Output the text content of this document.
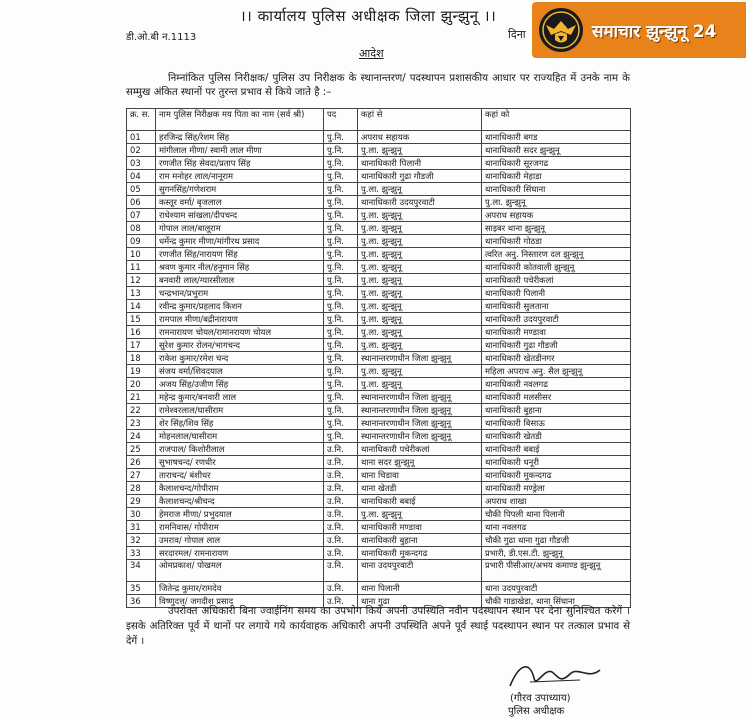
।। कार्यालय पुलिस अधीक्षक जिला झुन्झुनू ।।
डी.ओ.बी न.1113	दिना
आदेश
समाचार झुन्झुनू 24

निम्नांकित पुलिस निरीक्षक/ पुलिस उप निरीक्षक के स्थानान्तरण/ पदस्थापन प्रशासकीय आधार पर राज्यहित में उनके नाम के सम्मुख अंकित स्थानों पर तुरन्त प्रभाव से किये जाते है :–

क्र. स.	नाम पुलिस निरीक्षक मय पिता का नाम (सर्व श्री)	पद	कहां से	कहां को
01	हरजिन्द्र सिंह/रेशम सिंह	पु.नि.	अपराध सहायक	थानाधिकारी बगड
02	मांगीलाल मीणा/ स्वामी लाल मीणा	पु.नि.	पु.ला. झुन्झुनू	थानाधिकारी सदर झुन्झुनू
03	रणजीत सिंह सेवदा/प्रताप सिंह	पु.नि.	थानाधिकारी पिलानी	थानाधिकारी सूरजगढ
04	राम मनोहर लाल/नानूराम	पु.नि.	थानाधिकारी गुढा गौडजी	थानाधिकारी मेहाडा
05	सुगनसिंह/गणेशराम	पु.नि.	पु.ला. झुन्झुनू	थानाधिकारी सिंघाना
06	कस्तूर वर्मा/ बृजलाल	पु.नि.	थानाधिकारी उदयपुरवाटी	पु.ला. झुन्झुनू
07	राधेश्याम सांखला/दीपचन्द	पु.नि.	पु.ला. झुन्झुनू	अपराध सहायक
08	गोपाल लाल/बालूराम	पु.नि.	पु.ला. झुन्झुनू	साइबर थाना झुन्झुनू
09	धर्मेन्द्र कुमार मीणा/मांगीरथ प्रसाद	पु.नि.	पु.ला. झुन्झुनू	थानाधिकारी गोठडा
10	रणजीत सिंह/नारायण सिंह	पु.नि.	पु.ला. झुन्झुनू	त्वरित अनु. निस्तारण दल झुन्झुनू
11	श्रवण कुमार नील/हनुमान सिंह	पु.नि.	पु.ला. झुन्झुनू	थानाधिकारी कोतवाली झुन्झुनू
12	बनवारी लाल/ग्यारसीलाल	पु.नि.	पु.ला. झुन्झुनू	थानाधिकारी पचेरीकलां
13	चन्द्रभान/प्रभुराम	पु.नि.	पु.ला. झुन्झुनू	थानाधिकारी पिलानी
14	रवीन्द्र कुमार/प्रहलाद किशन	पु.नि.	पु.ला. झुन्झुनू	थानाधिकारी सुलताना
15	रामपाल मीणा/बद्रीनारायण	पु.नि.	पु.ला. झुन्झुनू	थानाधिकारी उदयपुरवाटी
16	रामनारायण चोयल/रामानरायण चोयल	पु.नि.	पु.ला. झुन्झुनू	थानाधिकारी मण्डावा
17	सुरेश कुमार रोलन/भागचन्द	पु.नि.	पु.ला. झुन्झुनू	थानाधिकारी गुढा गौडजी
18	राकेश कुमार/रमेश चन्द	पु.नि.	स्थानान्तरणाधीन जिला झुन्झुनू	थानाधिकारी खेतडीनगर
19	संजय वर्मा/शिवदयाल	पु.नि.	पु.ला. झुन्झुनू	महिला अपराध अनु. सैल झुन्झुनू
20	अजय सिंह/उजीण सिंह	पु.नि.	पु.ला. झुन्झुनू	थानाधिकारी नवलगढ
21	महेन्द्र कुमार/बनवारी लाल	पु.नि.	स्थानान्तरणाधीन जिला झुन्झुनू	थानाधिकारी मलसीसर
22	रामेश्वरलाल/घासीराम	पु.नि.	स्थानान्तरणाधीन जिला झुन्झुनू	थानाधिकारी बुहाना
23	शेर सिंह/शिव सिंह	पु.नि.	स्थानान्तरणाधीन जिला झुन्झुनू	थानाधिकारी बिसाऊ
24	मोहनलाल/घासीराम	पु.नि.	स्थानान्तरणाधीन जिला झुन्झुनू	थानाधिकारी खेतडी
25	राजपाल/ किशोरीलाल	उ.नि.	थानाधिकारी पचेरीकलां	थानाधिकारी बबाई
26	सुभाषचन्द/ रणधीर	उ.नि.	थाना सदर झुन्झुनू	थानाधिकारी धनूरी
27	ताराचन्द/ बंशीधर	उ.नि.	थाना चिडावा	थानाधिकारी मुकन्दगढ
28	कैलाशचन्द/गोपीराम	उ.नि.	थाना खेतडी	थानाधिकारी मण्ड्रेला
29	कैलाशचन्द/श्रीचन्द	उ.नि.	थानाधिकारी बबाई	अपराध शाखा
30	हेमराज मीणा/ प्रभुदयाल	उ.नि.	पु.ला. झुन्झुनू	चौकी पिपली थाना पिलानी
31	रामनिवास/ गोपीराम	उ.नि.	थानाधिकारी मण्डावा	थाना नवलगढ
32	उमराव/ गोपाल लाल	उ.नि.	थानाधिकारी बुहाना	चौकी गुढा थाना गुढा गौडजी
33	सरदारमल/ रामनारायण	उ.नि.	थानाधिकारी मुकन्दगढ	प्रभारी, डी.एस.टी. झुन्झुनू
34	ओमप्रकाश/ पोखमल	उ.नि.	थाना उदयपुरवाटी	प्रभारी पीसीआर/अभय कमाण्ड झुन्झुनू
35	जितेन्द्र कुमार/रामदेव	उ.नि.	थाना पिलानी	थाना उदयपुरवाटी
36	विष्णुदत्त/ जगदीश प्रसाद	उ.नि.	थाना गुढा	चौकी गाडाखेडा, थाना सिंघाना

उपरोक्त अधिकारी बिना ज्वाईनिंग समय का उपभोग किये अपनी उपस्थिति नवीन पदस्थापन स्थान पर देना सुनिश्चित करेगें । इसके अतिरिक्त पूर्व में थानों पर लगाये गये कार्यवाहक अधिकारी अपनी उपस्थिति अपने पूर्व स्थाई पदस्थापन स्थान पर तत्काल प्रभाव से देगें ।

(गौरव उपाध्याय)
पुलिस अधीक्षक
